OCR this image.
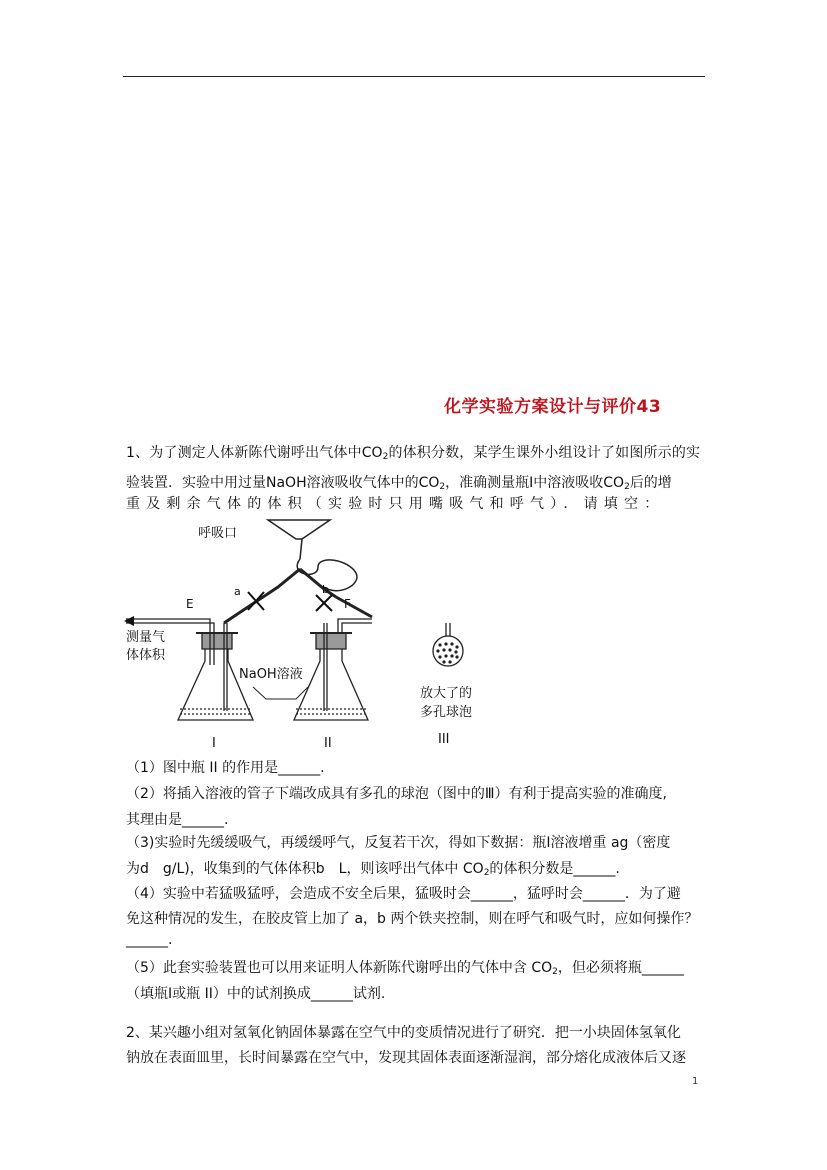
化学实验方案设计与评价43

1、为了测定人体新陈代谢呼出气体中$CO_2$的体积分数，某学生课外小组设计了如图所示的实验装置．实验中用过量NaOH溶液吸收气体中的$CO_2$，准确测量瓶Ⅰ中溶液吸收$CO_2$后的增

重及剩余气体的体积（实验时只用嘴吸气和呼气）．请填空：
呼吸口
a	b
E	F
测量气
体体积
NaOH溶液
I	II
放大了的
多孔球泡
III
（1）图中瓶 II 的作用是______.
（2）将插入溶液的管子下端改成具有多孔的球泡（图中的Ⅲ）有利于提高实验的准确度,
其理由是______.
（3)实验时先缓缓吸气，再缓缓呼气，反复若干次，得如下数据：瓶Ⅰ溶液增重 ag（密度
为d　g/L)，收集到的气体体积b　L，则该呼出气体中 $CO_2$的体积分数是______.
（4）实验中若猛吸猛呼，会造成不安全后果，猛吸时会______，猛呼时会______．为了避
免这种情况的发生，在胶皮管上加了 a，b 两个铁夹控制，则在呼气和吸气时，应如何操作？
______.
（5）此套实验装置也可以用来证明人体新陈代谢呼出的气体中含 $CO_2$，但必须将瓶______
（填瓶Ⅰ或瓶 II）中的试剂换成______试剂.
2、某兴趣小组对氢氧化钠固体暴露在空气中的变质情况进行了研究．把一小块固体氢氧化
钠放在表面皿里，长时间暴露在空气中，发现其固体表面逐渐湿润，部分熔化成液体后又逐
1
